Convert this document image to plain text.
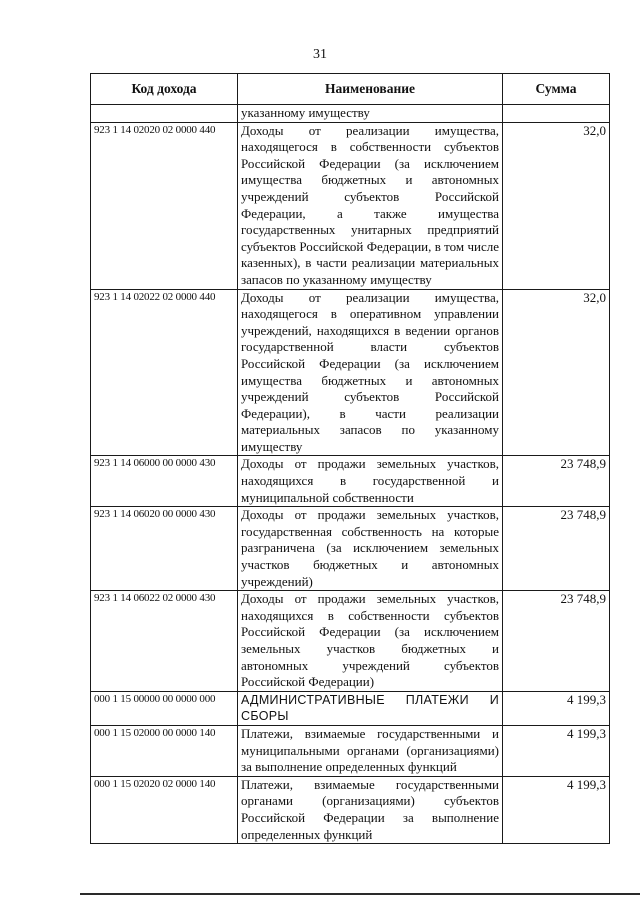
31
Код дохода	Наименование	Сумма
	указанному имуществу	
923 1 14 02020 02 0000 440	Доходы от реализации имущества, находящегося в собственности субъектов Российской Федерации (за исключением имущества бюджетных и автономных учреждений субъектов Российской Федерации, а также имущества государственных унитарных предприятий субъектов Российской Федерации, в том числе казенных), в части реализации материальных запасов по указанному имуществу	32,0
923 1 14 02022 02 0000 440	Доходы от реализации имущества, находящегося в оперативном управлении учреждений, находящихся в ведении органов государственной власти субъектов Российской Федерации (за исключением имущества бюджетных и автономных учреждений субъектов Российской Федерации), в части реализации материальных запасов по указанному имуществу	32,0
923 1 14 06000 00 0000 430	Доходы от продажи земельных участков, находящихся в государственной и муниципальной собственности	23 748,9
923 1 14 06020 00 0000 430	Доходы от продажи земельных участков, государственная собственность на которые разграничена (за исключением земельных участков бюджетных и автономных учреждений)	23 748,9
923 1 14 06022 02 0000 430	Доходы от продажи земельных участков, находящихся в собственности субъектов Российской Федерации (за исключением земельных участков бюджетных и автономных учреждений субъектов Российской Федерации)	23 748,9
000 1 15 00000 00 0000 000	АДМИНИСТРАТИВНЫЕ ПЛАТЕЖИ И СБОРЫ	4 199,3
000 1 15 02000 00 0000 140	Платежи, взимаемые государственными и муниципальными органами (организациями) за выполнение определенных функций	4 199,3
000 1 15 02020 02 0000 140	Платежи, взимаемые государственными органами (организациями) субъектов Российской Федерации за выполнение определенных функций	4 199,3
